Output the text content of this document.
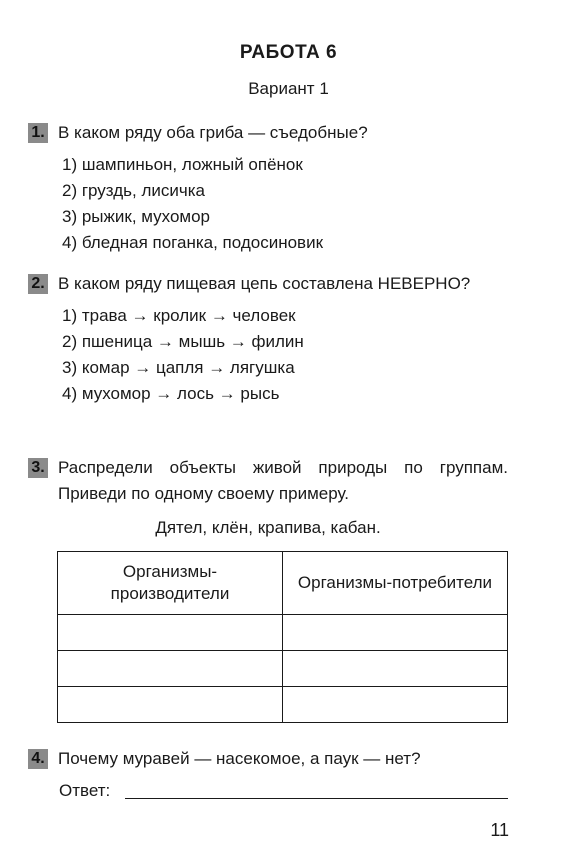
РАБОТА 6
Вариант 1
1. В каком ряду оба гриба — съедобные?
1) шампиньон, ложный опёнок
2) груздь, лисичка
3) рыжик, мухомор
4) бледная поганка, подосиновик
2. В каком ряду пищевая цепь составлена НЕВЕРНО?
1) трава → кролик → человек
2) пшеница → мышь → филин
3) комар → цапля → лягушка
4) мухомор → лось → рысь
3. Распредели объекты живой природы по группам. Приведи по одному своему примеру.
Дятел, клён, крапива, кабан.
Организмы-производители	Организмы-потребители

4. Почему муравей — насекомое, а паук — нет?
Ответ:
11
